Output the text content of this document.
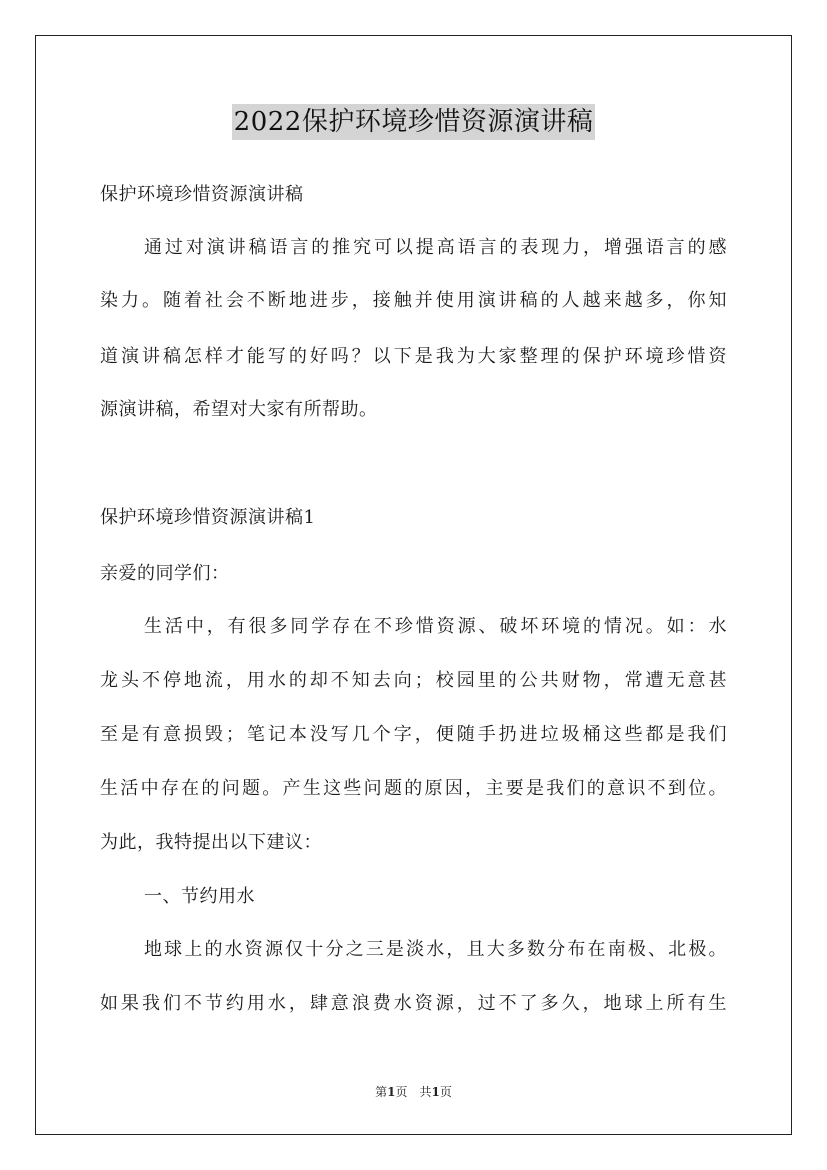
2022保护环境珍惜资源演讲稿
保护环境珍惜资源演讲稿
通过对演讲稿语言的推究可以提高语言的表现力，增强语言的感
染力。随着社会不断地进步，接触并使用演讲稿的人越来越多，你知
道演讲稿怎样才能写的好吗？以下是我为大家整理的保护环境珍惜资
源演讲稿，希望对大家有所帮助。
保护环境珍惜资源演讲稿1
亲爱的同学们：
生活中，有很多同学存在不珍惜资源、破坏环境的情况。如：水
龙头不停地流，用水的却不知去向；校园里的公共财物，常遭无意甚
至是有意损毁；笔记本没写几个字，便随手扔进垃圾桶这些都是我们
生活中存在的问题。产生这些问题的原因，主要是我们的意识不到位。
为此，我特提出以下建议：
一、节约用水
地球上的水资源仅十分之三是淡水，且大多数分布在南极、北极。
如果我们不节约用水，肆意浪费水资源，过不了多久，地球上所有生
第1页　共1页
